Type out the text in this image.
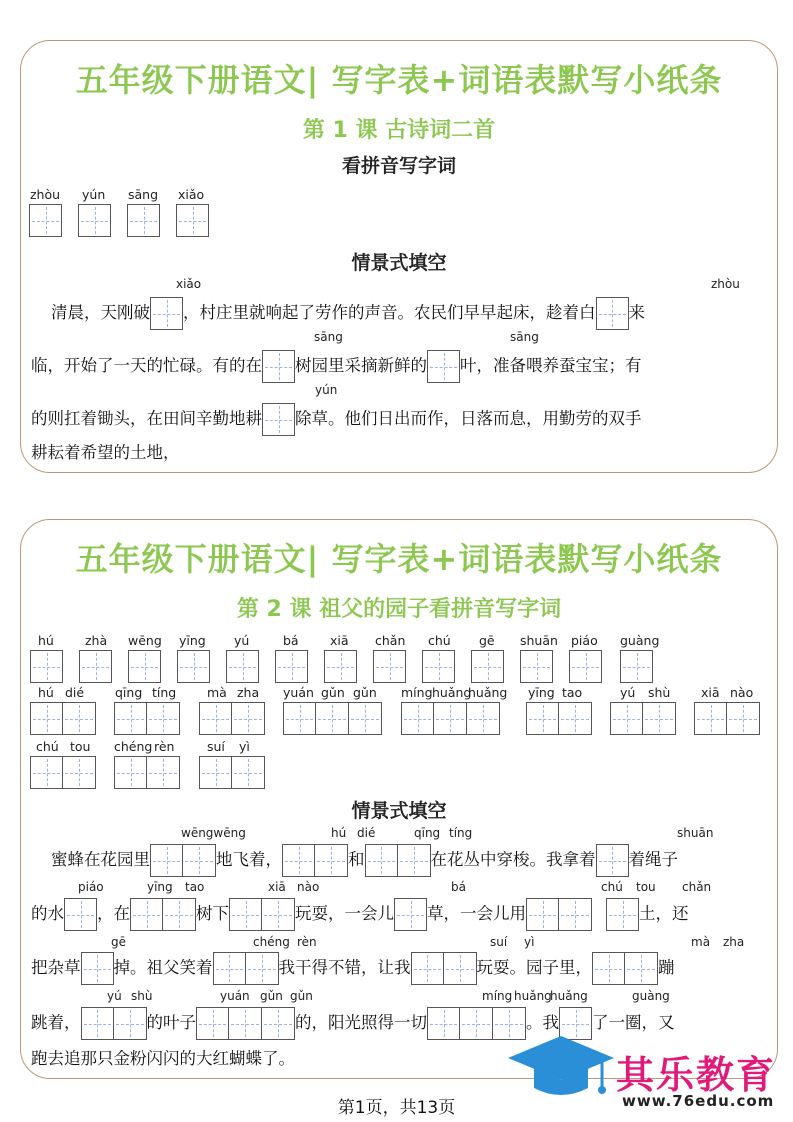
五年级下册语文| 写字表+词语表默写小纸条
第 1 课 古诗词二首
看拼音写字词
zhòu yún sāng xiǎo
情景式填空
xiǎo	zhòu
清晨，天刚破 ，村庄里就响起了劳作的声音。农民们早早起床，趁着白 来
sāng	sāng
临，开始了一天的忙碌。有的在 树园里采摘新鲜的 叶，准备喂养蚕宝宝；有
yún
的则扛着锄头，在田间辛勤地耕 除草。他们日出而作，日落而息，用勤劳的双手
耕耘着希望的土地，
五年级下册语文| 写字表+词语表默写小纸条
第 2 课 祖父的园子看拼音写字词
情景式填空
wēngwēng	hú dié	qīng tíng	shuān
蜜蜂在花园里	地飞着，	和	在花丛中穿梭。我拿着 着绳子
piáo	yīng tao	xiā nào	bá	chú tou chǎn
的水 ，在	树下	玩耍，一会儿 草，一会儿用	土，还
gē	chéng rèn	suí yì	mà zha
把杂草 掉。祖父笑着	我干得不错，让我	玩耍。园子里，	蹦
yú shù	yuán gǔn gǔn	míng huǎng
huǎng	guàng
跳着，	的叶子	的，阳光照得一切	。我 了一圈，又
跑去追那只金粉闪闪的大红蝴蝶了。
hú zhà wēng yīng yú	bá	xiā chǎn chú gē shuān piáo guàng
hú dié qīng tíng mà zha yuán gǔn gǔn míng huǎng
huǎng yīng tao	yú shù xiā nào
chú tou chéng rèn	suí yì
第1页，共13页
其乐教育
www.76edu.com
